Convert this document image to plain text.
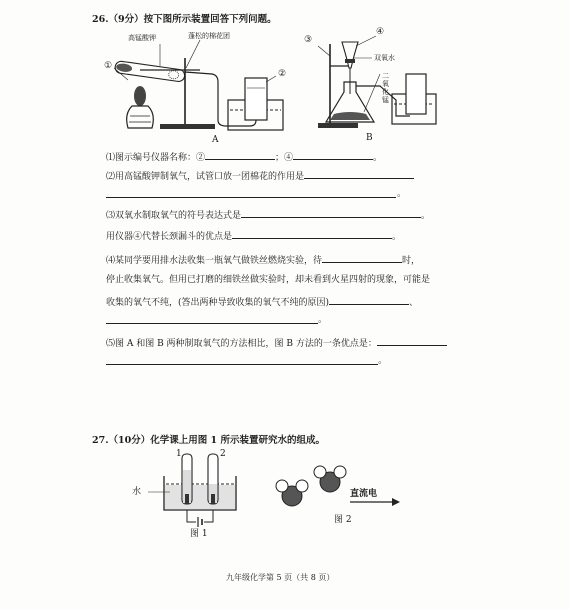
26.（9分）按下图所示装置回答下列问题。
高锰酸钾	蓬松的棉花团
①
②
A
③
④
双氧水
二氧化锰
B
⑴图示编号仪器名称：②	；④	。
⑵用高锰酸钾制氧气，试管口放一团棉花的作用是
。
⑶双氧水制取氧气的符号表达式是	。
用仪器④代替长颈漏斗的优点是	。
⑷某同学要用排水法收集一瓶氧气做铁丝燃烧实验，待	时，
停止收集氧气。但用已打磨的细铁丝做实验时，却未看到火星四射的现象，可能是
收集的氧气不纯，(答出两种导致收集的氧气不纯的原因)	、
。
⑸图 A 和图 B 两种制取氧气的方法相比，图 B 方法的一条优点是：
。
27.（10分）化学课上用图 1 所示装置研究水的组成。
1	2
水
图 1
直流电
图 2
九年级化学第 5 页（共 8 页）
